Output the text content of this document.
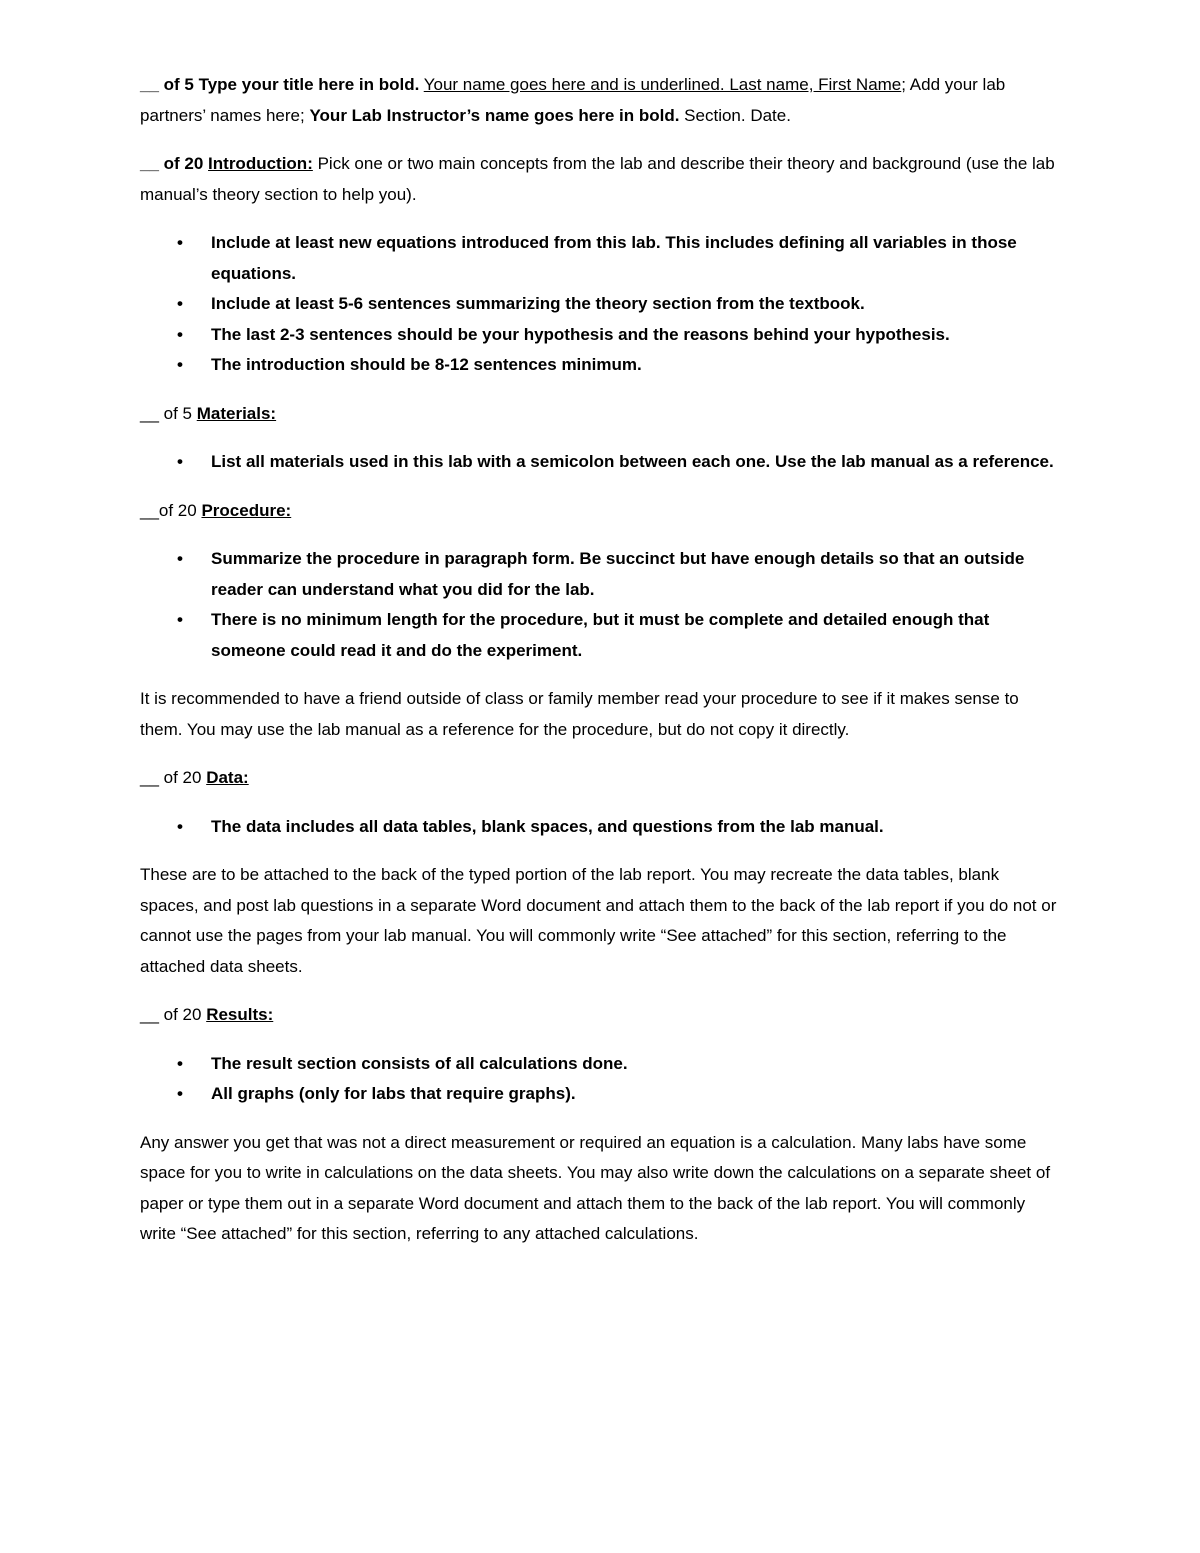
__ of 5 Type your title here in bold. Your name goes here and is underlined. Last name, First Name; Add your lab partners’ names here; Your Lab Instructor’s name goes here in bold. Section. Date.

__ of 20 Introduction: Pick one or two main concepts from the lab and describe their theory and background (use the lab manual’s theory section to help you).

• Include at least new equations introduced from this lab. This includes defining all variables in those equations.
• Include at least 5-6 sentences summarizing the theory section from the textbook.
• The last 2-3 sentences should be your hypothesis and the reasons behind your hypothesis.
• The introduction should be 8-12 sentences minimum.

__ of 5 Materials:

• List all materials used in this lab with a semicolon between each one. Use the lab manual as a reference.

__of 20 Procedure:

• Summarize the procedure in paragraph form. Be succinct but have enough details so that an outside reader can understand what you did for the lab.
• There is no minimum length for the procedure, but it must be complete and detailed enough that someone could read it and do the experiment.

It is recommended to have a friend outside of class or family member read your procedure to see if it makes sense to them. You may use the lab manual as a reference for the procedure, but do not copy it directly.

__ of 20 Data:

• The data includes all data tables, blank spaces, and questions from the lab manual.

These are to be attached to the back of the typed portion of the lab report. You may recreate the data tables, blank spaces, and post lab questions in a separate Word document and attach them to the back of the lab report if you do not or cannot use the pages from your lab manual. You will commonly write “See attached” for this section, referring to the attached data sheets.

__ of 20 Results:

• The result section consists of all calculations done.
• All graphs (only for labs that require graphs).

Any answer you get that was not a direct measurement or required an equation is a calculation. Many labs have some space for you to write in calculations on the data sheets. You may also write down the calculations on a separate sheet of paper or type them out in a separate Word document and attach them to the back of the lab report. You will commonly write “See attached” for this section, referring to any attached calculations.
